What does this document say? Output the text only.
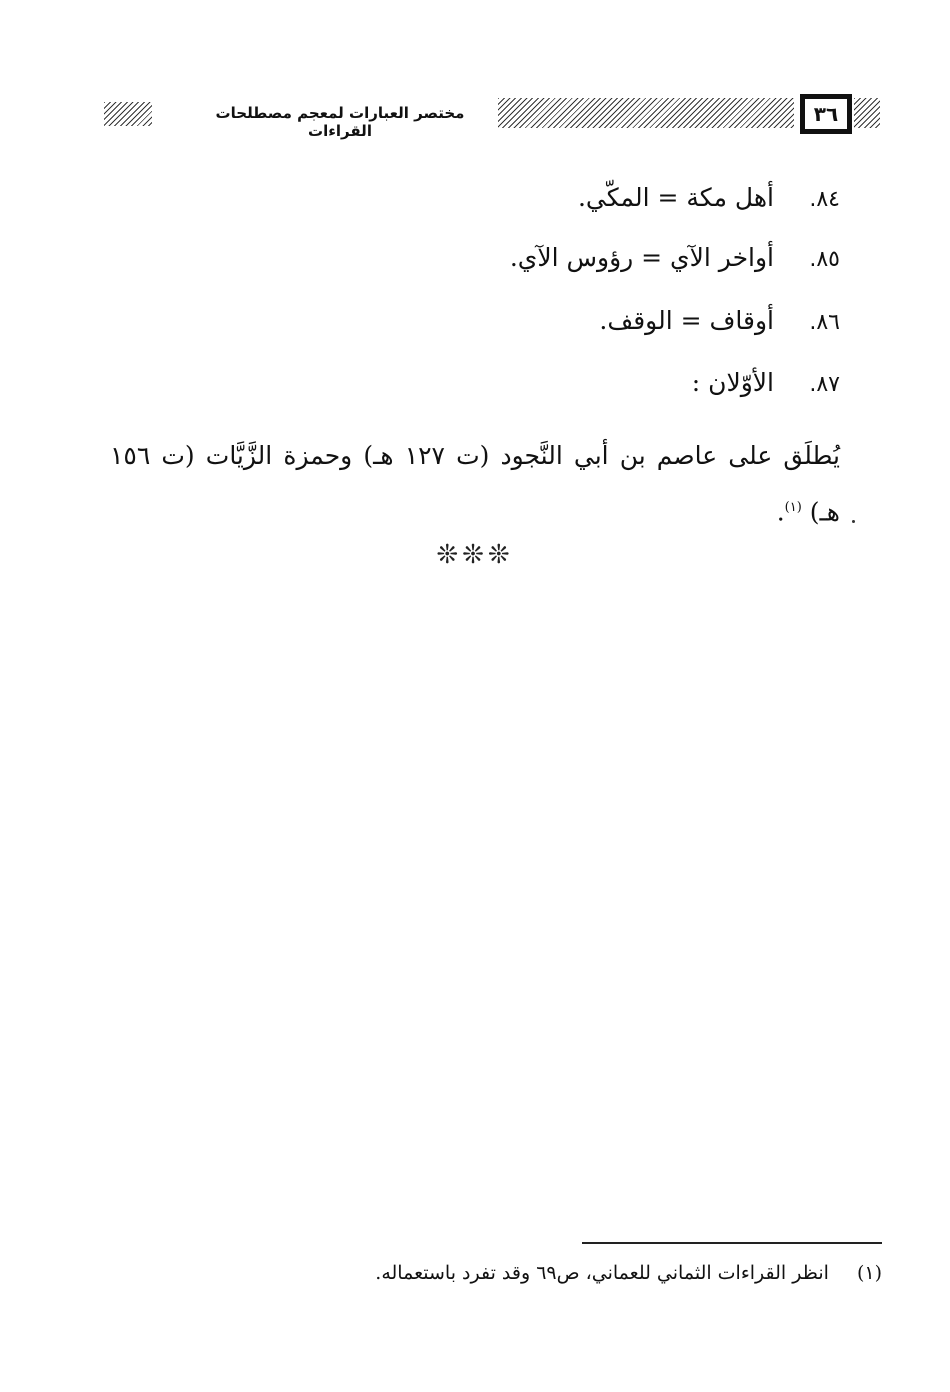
٣٦
مختصر العبارات لمعجم مصطلحات القراءات
٨٤.
أهل مكة = المكّي.
٨٥.
أواخر الآي = رؤوس الآي.
٨٦.
أوقاف = الوقف.
٨٧.
الأوّلان :
يُطلَق على عاصم بن أبي النَّجود (ت ١٢٧ هـ) وحمزة الزَّيَّات (ت ١٥٦ هـ) $^{(١)}$.
❊❊❊
(١) انظر القراءات الثماني للعماني، ص٦٩ وقد تفرد باستعماله.
